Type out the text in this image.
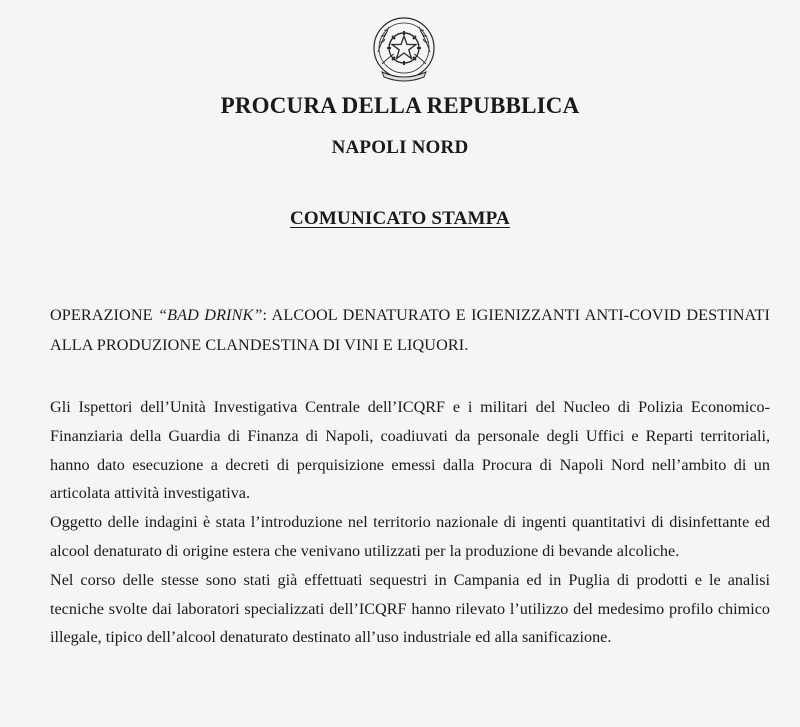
PROCURA DELLA REPUBBLICA
NAPOLI NORD
COMUNICATO STAMPA
OPERAZIONE “BAD DRINK”: ALCOOL DENATURATO E IGIENIZZANTI ANTI-COVID DESTINATI ALLA PRODUZIONE CLANDESTINA DI VINI E LIQUORI.

Gli Ispettori dell’Unità Investigativa Centrale dell’ICQRF e i militari del Nucleo di Polizia Economico-Finanziaria della Guardia di Finanza di Napoli, coadiuvati da personale degli Uffici e Reparti territoriali, hanno dato esecuzione a decreti di perquisizione emessi dalla Procura di Napoli Nord nell’ambito di un articolata attività investigativa.

Oggetto delle indagini è stata l’introduzione nel territorio nazionale di ingenti quantitativi di disinfettante ed alcool denaturato di origine estera che venivano utilizzati per la produzione di bevande alcoliche.

Nel corso delle stesse sono stati già effettuati sequestri in Campania ed in Puglia di prodotti e le analisi tecniche svolte dai laboratori specializzati dell’ICQRF hanno rilevato l’utilizzo del medesimo profilo chimico illegale, tipico dell’alcool denaturato destinato all’uso industriale ed alla sanificazione.
